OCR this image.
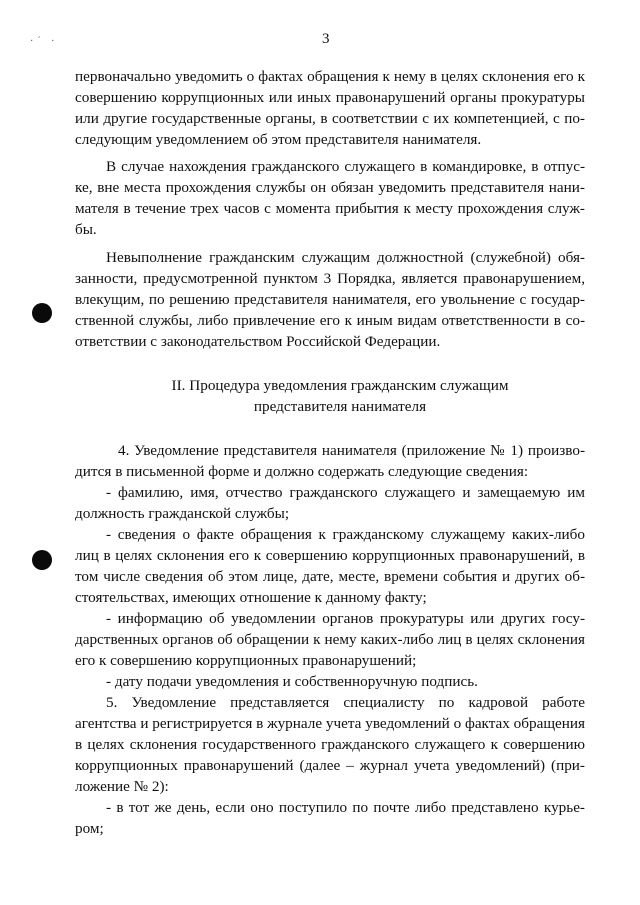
·´ ·	3
первоначально уведомить о фактах обращения к нему в целях склонения его к
совершению коррупционных или иных правонарушений органы прокуратуры
или другие государственные органы, в соответствии с их компетенцией, с по-
следующим уведомлением об этом представителя нанимателя.
В случае нахождения гражданского служащего в командировке, в отпус-
ке, вне места прохождения службы он обязан уведомить представителя нани-
мателя в течение трех часов с момента прибытия к месту прохождения служ-
бы.
Невыполнение гражданским служащим должностной (служебной) обя-
занности, предусмотренной пунктом 3 Порядка, является правонарушением,
влекущим, по решению представителя нанимателя, его увольнение с государ-
ственной службы, либо привлечение его к иным видам ответственности в со-
ответствии с законодательством Российской Федерации.
II. Процедура уведомления гражданским служащим
представителя нанимателя
4. Уведомление представителя нанимателя (приложение № 1) произво-
дится в письменной форме и должно содержать следующие сведения:
- фамилию, имя, отчество гражданского служащего и замещаемую им
должность гражданской службы;
- сведения о факте обращения к гражданскому служащему каких-либо
лиц в целях склонения его к совершению коррупционных правонарушений, в
том числе сведения об этом лице, дате, месте, времени события и других об-
стоятельствах, имеющих отношение к данному факту;
- информацию об уведомлении органов прокуратуры или других госу-
дарственных органов об обращении к нему каких-либо лиц в целях склонения
его к совершению коррупционных правонарушений;
- дату подачи уведомления и собственноручную подпись.
5. Уведомление представляется специалисту по кадровой работе
агентства и регистрируется в журнале учета уведомлений о фактах обращения
в целях склонения государственного гражданского служащего к совершению
коррупционных правонарушений (далее – журнал учета уведомлений) (при-
ложение № 2):
- в тот же день, если оно поступило по почте либо представлено курье-
ром;
